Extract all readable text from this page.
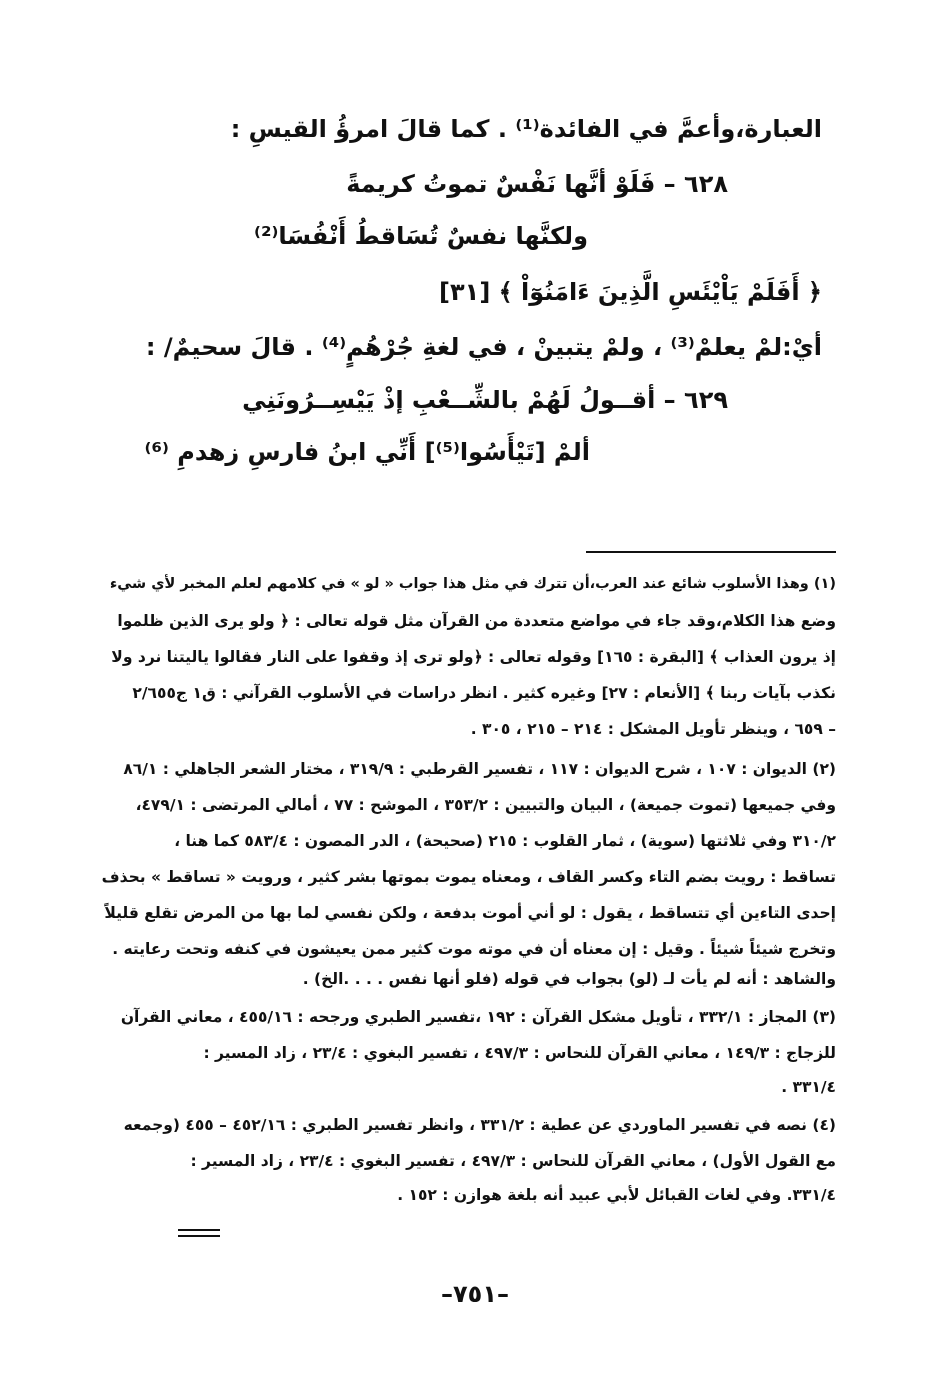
العبارة،وأعمَّ في الفائدة⁽¹⁾ . كما قالَ امرؤُ القيسِ :
٦٢٨ – فَلَوْ أنَّها نَفْسٌ تموتُ كريمةً
ولكنَّها نفسٌ تُسَاقطُ أَنْفُسَا⁽²⁾
﴿ أَفَلَمْ يَاْيْئَسِ الَّذِينَ ءَامَنُوٓاْ ﴾ [٣١]
أيْ:لمْ يعلمْ⁽³⁾ ، ولمْ يتبينْ ، في لغةِ جُرْهُمٍ⁽⁴⁾ . قالَ سحيمٌ/ :
٦٢٩ – أقــولُ لَهُمْ بالشِّــعْبِ إذْ يَيْسِــرُونَنِي
ألمْ [تَيْأَسُوا⁽⁵⁾] أَنِّي ابنُ فارسِ زهدمِ ⁽⁶⁾
(١) وهذا الأسلوب شائع عند العرب،أن تترك في مثل هذا جواب « لو » في كلامهم لعلم المخبر لأي شيء
وضع هذا الكلام،وقد جاء في مواضع متعددة من القرآن مثل قوله تعالى : ﴿ ولو يرى الذين ظلموا
إذ يرون العذاب ﴾ [البقرة : ١٦٥] وقوله تعالى : ﴿ولو ترى إذ وقفوا على النار فقالوا ياليتنا نرد ولا
نكذب بآيات ربنا ﴾ [الأنعام : ٢٧] وغيره كثير . انظر دراسات في الأسلوب القرآني : ق١ ج٢/٦٥٥
– ٦٥٩ ، وينظر تأويل المشكل : ٢١٤ – ٢١٥ ، ٣٠٥ .
(٢) الديوان : ١٠٧ ، شرح الديوان : ١١٧ ، تفسير القرطبي : ٣١٩/٩ ، مختار الشعر الجاهلي : ٨٦/١
وفي جميعها (تموت جميعة) ، البيان والتبيين : ٣٥٣/٢ ، الموشح : ٧٧ ، أمالي المرتضى : ٤٧٩/١،
٣١٠/٢ وفي ثلاثتها (سوية) ، ثمار القلوب : ٢١٥ (صحيحة) ، الدر المصون : ٥٨٣/٤ كما هنا ،
تساقط : رويت بضم التاء وكسر القاف ، ومعناه يموت بموتها بشر كثير ، ورويت « تساقط » بحذف
إحدى التاءين أي تتساقط ، يقول : لو أني أموت بدفعة ، ولكن نفسي لما بها من المرض تقلع قليلاً
وتخرج شيئاً شيئاً . وقيل : إن معناه أن في موته موت كثير ممن يعيشون في كنفه وتحت رعايته .
والشاهد : أنه لم يأت لـ (لو) بجواب في قوله (فلو أنها نفس . . . .الخ) .
(٣) المجاز : ٣٣٢/١ ، تأويل مشكل القرآن : ١٩٢ ،تفسير الطبري ورجحه : ٤٥٥/١٦ ، معاني القرآن
للزجاج : ١٤٩/٣ ، معاني القرآن للنحاس : ٤٩٧/٣ ، تفسير البغوي : ٢٣/٤ ، زاد المسير :
٣٣١/٤ .
(٤) نصه في تفسير الماوردي عن عطية : ٣٣١/٢ ، وانظر تفسير الطبري : ٤٥٢/١٦ – ٤٥٥ (وجمعه
مع القول الأول) ، معاني القرآن للنحاس : ٤٩٧/٣ ، تفسير البغوي : ٢٣/٤ ، زاد المسير :
٣٣١/٤. وفي لغات القبائل لأبي عبيد أنه بلغة هوازن : ١٥٢ .
–٧٥١–
